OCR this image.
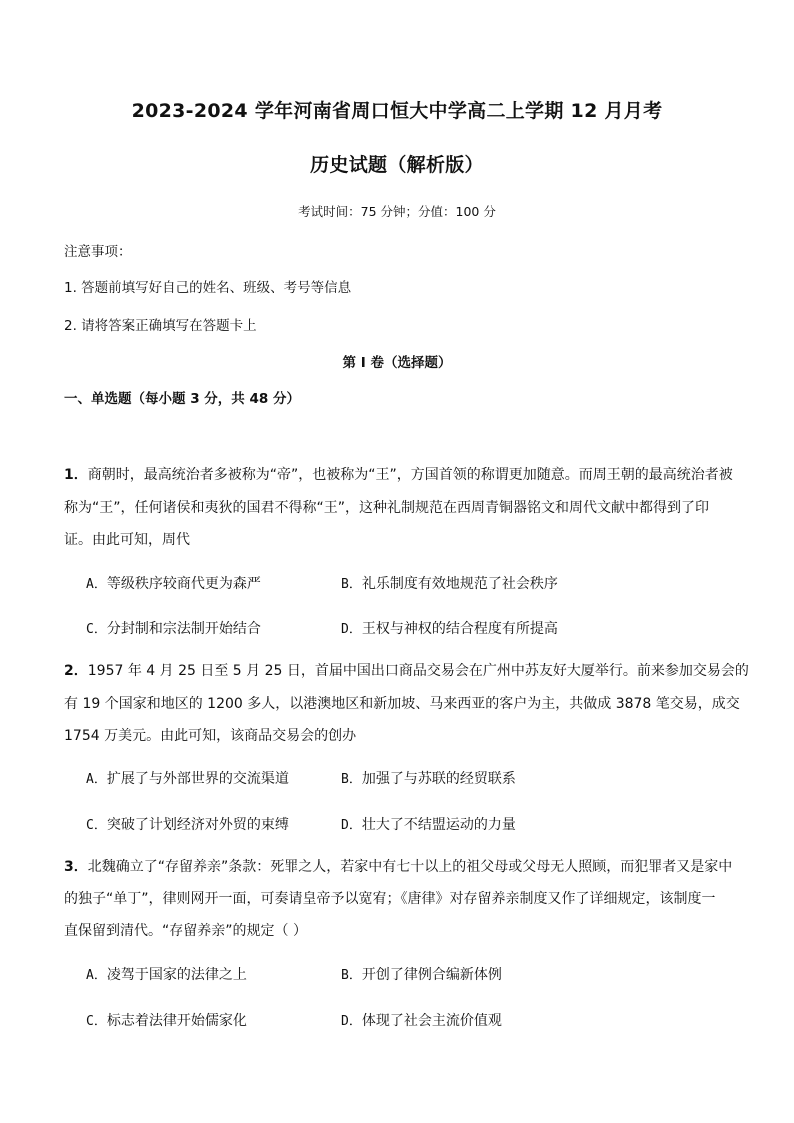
2023-2024 学年河南省周口恒大中学高二上学期 12 月月考
历史试题（解析版）
考试时间：75 分钟；分值：100 分
注意事项：
1. 答题前填写好自己的姓名、班级、考号等信息
2. 请将答案正确填写在答题卡上
第 I 卷（选择题）
一、单选题（每小题 3 分，共 48 分）
1．商朝时，最高统治者多被称为“帝”，也被称为“王”，方国首领的称谓更加随意。而周王朝的最高统治者被
称为“王”，任何诸侯和夷狄的国君不得称“王”，这种礼制规范在西周青铜器铭文和周代文献中都得到了印
证。由此可知，周代
A．等级秩序较商代更为森严	B．礼乐制度有效地规范了社会秩序
C．分封制和宗法制开始结合	D．王权与神权的结合程度有所提高
2．1957 年 4 月 25 日至 5 月 25 日，首届中国出口商品交易会在广州中苏友好大厦举行。前来参加交易会的
有 19 个国家和地区的 1200 多人，以港澳地区和新加坡、马来西亚的客户为主，共做成 3878 笔交易，成交
1754 万美元。由此可知，该商品交易会的创办
A．扩展了与外部世界的交流渠道	B．加强了与苏联的经贸联系
C．突破了计划经济对外贸的束缚	D．壮大了不结盟运动的力量
3．北魏确立了“存留养亲”条款：死罪之人，若家中有七十以上的祖父母或父母无人照顾，而犯罪者又是家中
的独子“单丁”，律则网开一面，可奏请皇帝予以宽宥；《唐律》对存留养亲制度又作了详细规定，该制度一
直保留到清代。“存留养亲”的规定（ ）
A．凌驾于国家的法律之上	B．开创了律例合编新体例
C．标志着法律开始儒家化	D．体现了社会主流价值观
